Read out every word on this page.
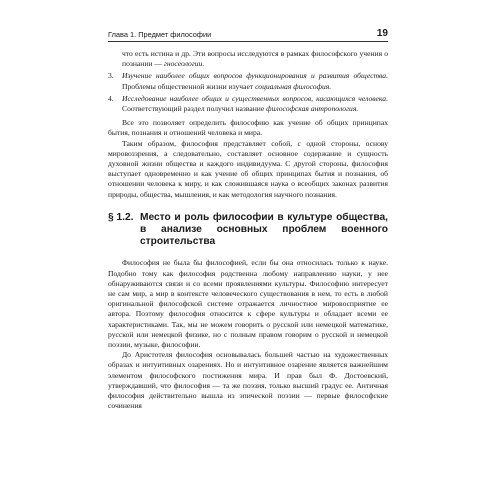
Глава 1. Предмет философии	19
что есть истина и др. Эти вопросы исследуются в рамках философского учения о познании — гносеологии.
3.	Изучение наиболее общих вопросов функционирования и развития общества. Проблемы общественной жизни изучает социальная философия.
4.	Исследование наиболее общих и существенных вопросов, касающихся человека. Соответствующий раздел получил название философская антропология.

Все это позволяет определить философию как учение об общих принципах бытия, познания и отношений человека и мира.

Таким образом, философия представляет собой, с одной стороны, основу мировоззрения, а следовательно, составляет основное содержание и сущность духовной жизни общества и каждого индивидуума. С другой стороны, философия выступает одновременно и как учение об общих принципах бытия и познания, об отношении человека к миру, и как сложившаяся наука о всеобщих законах развития природы, общества, мышления, и как методология научного познания.

§ 1.2. Место и роль философии в культуре общества, в анализе основных проблем военного строительства

Философия не была бы философией, если бы она относилась только к науке. Подобно тому как философия родственна любому направлению науки, у нее обнаруживаются связи и со всеми проявлениями культуры. Философию интересует не сам мир, а мир в контексте человеческого существования в нем, то есть в любой оригинальной философской системе отражается личностное мировосприятие ее автора. Поэтому философия относится к сфере культуры и обладает всеми ее характеристиками. Так, мы не можем говорить о русской или немецкой математике, русской или немецкой физике, но с полным правом говорим о русской и немецкой поэзии, музыке, философии.

До Аристотеля философия основывалась большей частью на художественных образах и интуитивных озарениях. Но и интуитивное озарение является важнейшим элементом философского постижения мира. И прав был Ф. Достоевский, утверждавший, что философия — та же поэзия, только высший градус ее. Античная философия действительно вышла из эпической поэзии — первые философские сочинения
